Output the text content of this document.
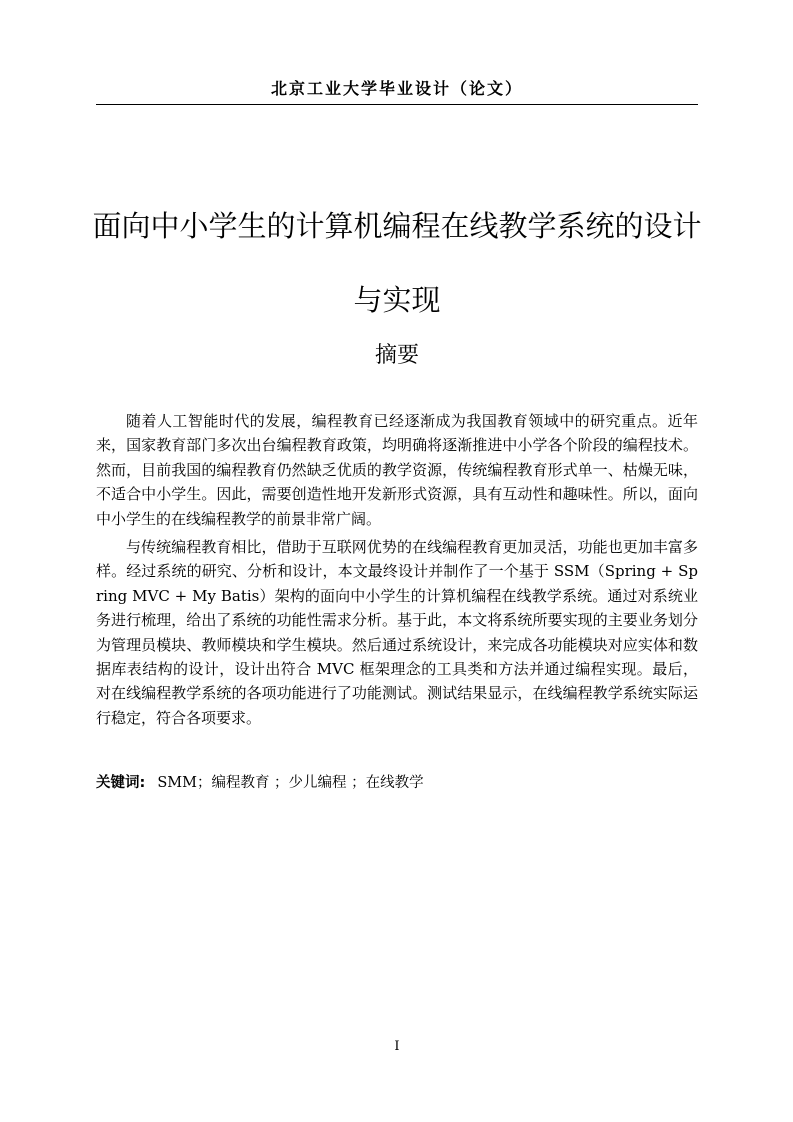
北京工业大学毕业设计（论文）
面向中小学生的计算机编程在线教学系统的设计与实现
摘要

随着人工智能时代的发展，编程教育已经逐渐成为我国教育领域中的研究重点。近年来，国家教育部门多次出台编程教育政策，均明确将逐渐推进中小学各个阶段的编程技术。然而，目前我国的编程教育仍然缺乏优质的教学资源，传统编程教育形式单一、枯燥无味，不适合中小学生。因此，需要创造性地开发新形式资源，具有互动性和趣味性。所以，面向中小学生的在线编程教学的前景非常广阔。

与传统编程教育相比，借助于互联网优势的在线编程教育更加灵活，功能也更加丰富多样。经过系统的研究、分析和设计，本文最终设计并制作了一个基于 SSM（Spring + Spring MVC + My Batis）架构的面向中小学生的计算机编程在线教学系统。通过对系统业务进行梳理，给出了系统的功能性需求分析。基于此，本文将系统所要实现的主要业务划分为管理员模块、教师模块和学生模块。然后通过系统设计，来完成各功能模块对应实体和数据库表结构的设计，设计出符合 MVC 框架理念的工具类和方法并通过编程实现。最后，对在线编程教学系统的各项功能进行了功能测试。测试结果显示，在线编程教学系统实际运行稳定，符合各项要求。

关键词: SMM；编程教育 ；少儿编程 ；在线教学
I
